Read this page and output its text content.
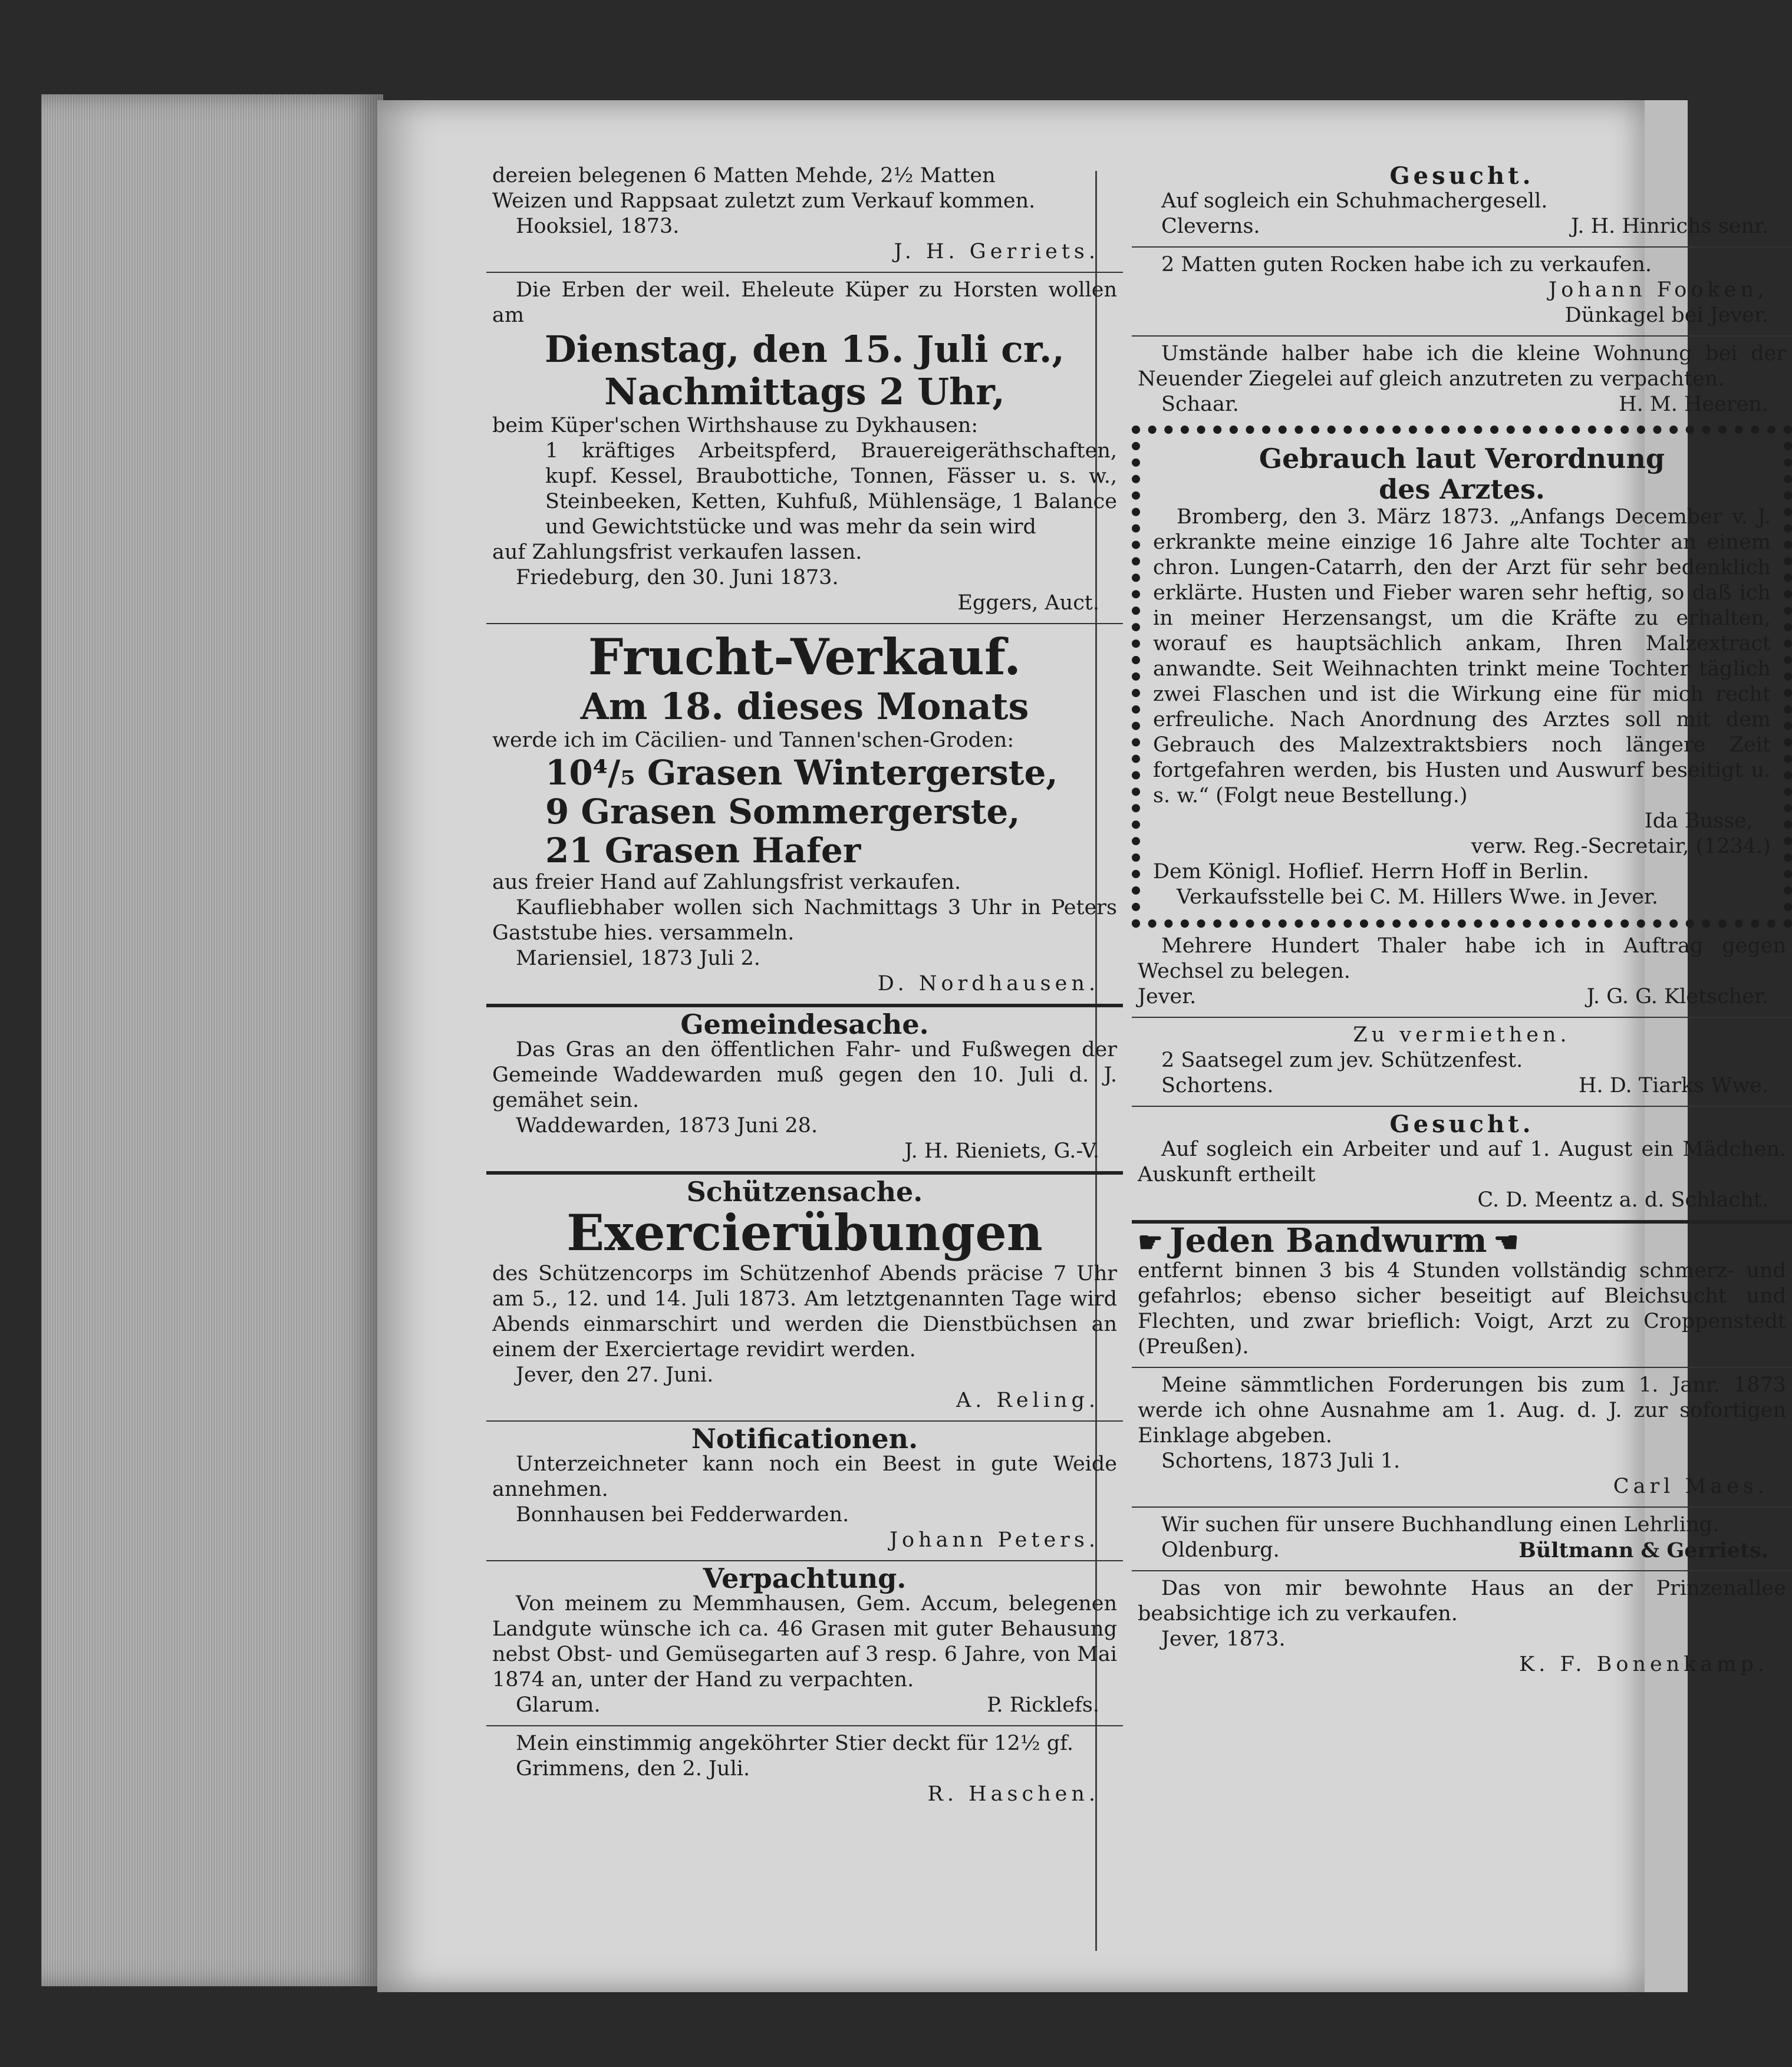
dereien belegenen 6 Matten Mehde, 2½ Matten
Weizen und Rappsaat zuletzt zum Verkauf kommen.
Hooksiel, 1873.
J. H. Gerriets.
Die Erben der weil. Eheleute Küper zu Horsten wollen am
Dienstag, den 15. Juli cr.,
Nachmittags 2 Uhr,
beim Küper'schen Wirthshause zu Dykhausen:
1 kräftiges Arbeitspferd, Brauereigeräthschaften, kupf. Kessel, Braubottiche, Tonnen, Fässer u. s. w., Steinbeeken, Ketten, Kuhfuß, Mühlensäge, 1 Balance und Gewichtstücke und was mehr da sein wird
auf Zahlungsfrist verkaufen lassen.
Friedeburg, den 30. Juni 1873.
Eggers, Auct.
Frucht-Verkauf.
Am 18. dieses Monats
werde ich im Cäcilien- und Tannen'schen-Groden:
10⁴/₅ Grasen Wintergerste,
9 Grasen Sommergerste,
21 Grasen Hafer
aus freier Hand auf Zahlungsfrist verkaufen.
Kaufliebhaber wollen sich Nachmittags 3 Uhr in Peters Gaststube hies. versammeln.
Mariensiel, 1873 Juli 2.
D. Nordhausen.
Gemeindesache.
Das Gras an den öffentlichen Fahr- und Fußwegen der Gemeinde Waddewarden muß gegen den 10. Juli d. J. gemähet sein.
Waddewarden, 1873 Juni 28.
J. H. Rieniets, G.-V.
Schützensache.
Exercierübungen
des Schützencorps im Schützenhof Abends präcise 7 Uhr am 5., 12. und 14. Juli 1873. Am letztgenannten Tage wird Abends einmarschirt und werden die Dienstbüchsen an einem der Exerciertage revidirt werden.
Jever, den 27. Juni.
A. Reling.
Notificationen.
Unterzeichneter kann noch ein Beest in gute Weide annehmen.
Bonnhausen bei Fedderwarden.
Johann Peters.
Verpachtung.
Von meinem zu Memmhausen, Gem. Accum, belegenen Landgute wünsche ich ca. 46 Grasen mit guter Behausung nebst Obst- und Gemüsegarten auf 3 resp. 6 Jahre, von Mai 1874 an, unter der Hand zu verpachten.
Glarum.	P. Ricklefs.
Mein einstimmig angeköhrter Stier deckt für 12½ gf.
Grimmens, den 2. Juli.
R. Haschen.
Gesucht.
Auf sogleich ein Schuhmachergesell.
Cleverns.	J. H. Hinrichs senr.
2 Matten guten Rocken habe ich zu verkaufen.
Johann Fooken,
Dünkagel bei Jever.
Umstände halber habe ich die kleine Wohnung bei der Neuender Ziegelei auf gleich anzutreten zu verpachten.
Schaar.	H. M. Heeren.
Gebrauch laut Verordnung
des Arztes.
Bromberg, den 3. März 1873. „Anfangs December v. J. erkrankte meine einzige 16 Jahre alte Tochter an einem chron. Lungen-Catarrh, den der Arzt für sehr bedenklich erklärte. Husten und Fieber waren sehr heftig, so daß ich in meiner Herzensangst, um die Kräfte zu erhalten, worauf es hauptsächlich ankam, Ihren Malzextract anwandte. Seit Weihnachten trinkt meine Tochter täglich zwei Flaschen und ist die Wirkung eine für mich recht erfreuliche. Nach Anordnung des Arztes soll mit dem Gebrauch des Malzextraktsbiers noch längere Zeit fortgefahren werden, bis Husten und Auswurf beseitigt u. s. w.“ (Folgt neue Bestellung.)
Ida Busse,
verw. Reg.-Secretair, (1234.)
Dem Königl. Hoflief. Herrn Hoff in Berlin.
Verkaufsstelle bei C. M. Hillers Wwe. in Jever.
Mehrere Hundert Thaler habe ich in Auftrag gegen Wechsel zu belegen.
Jever.	J. G. G. Kletscher.
Zu vermiethen.
2 Saatsegel zum jev. Schützenfest.
Schortens.	H. D. Tiarks Wwe.
Gesucht.
Auf sogleich ein Arbeiter und auf 1. August ein Mädchen. Auskunft ertheilt
C. D. Meentz a. d. Schlacht.
☛ Jeden Bandwurm ☚
entfernt binnen 3 bis 4 Stunden vollständig schmerz- und gefahrlos; ebenso sicher beseitigt auf Bleichsucht und Flechten, und zwar brieflich: Voigt, Arzt zu Croppenstedt (Preußen).
Meine sämmtlichen Forderungen bis zum 1. Janr. 1873 werde ich ohne Ausnahme am 1. Aug. d. J. zur sofortigen Einklage abgeben.
Schortens, 1873 Juli 1.
Carl Maes.
Wir suchen für unsere Buchhandlung einen Lehrling.
Oldenburg.	Bültmann & Gerriets.
Das von mir bewohnte Haus an der Prinzenallee beabsichtige ich zu verkaufen.
Jever, 1873.
K. F. Bonenkamp.
